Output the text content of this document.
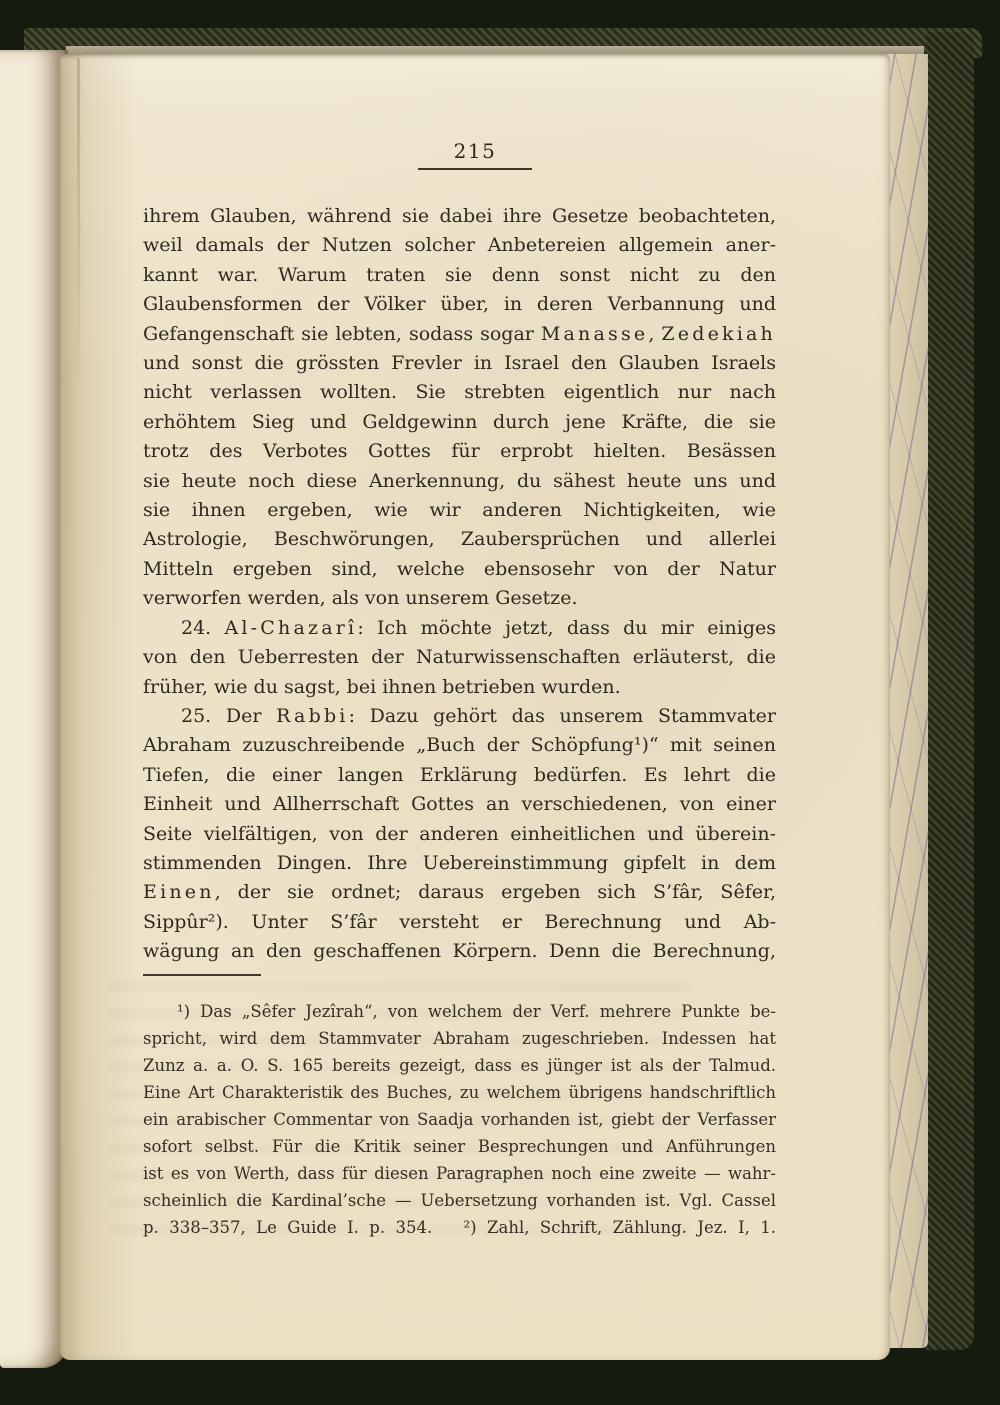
215
ihrem Glauben, während sie dabei ihre Gesetze beobachteten,
weil damals der Nutzen solcher Anbetereien allgemein aner-
kannt war. Warum traten sie denn sonst nicht zu den
Glaubensformen der Völker über, in deren Verbannung und
Gefangenschaft sie lebten, sodass sogar Manasse, Zedekiah
und sonst die grössten Frevler in Israel den Glauben Israels
nicht verlassen wollten. Sie strebten eigentlich nur nach
erhöhtem Sieg und Geldgewinn durch jene Kräfte, die sie
trotz des Verbotes Gottes für erprobt hielten. Besässen
sie heute noch diese Anerkennung, du sähest heute uns und
sie ihnen ergeben, wie wir anderen Nichtigkeiten, wie
Astrologie, Beschwörungen, Zaubersprüchen und allerlei
Mitteln ergeben sind, welche ebensosehr von der Natur
verworfen werden, als von unserem Gesetze.
24. Al-Chazarî: Ich möchte jetzt, dass du mir einiges
von den Ueberresten der Naturwissenschaften erläuterst, die
früher, wie du sagst, bei ihnen betrieben wurden.
25. Der Rabbi: Dazu gehört das unserem Stammvater
Abraham zuzuschreibende „Buch der Schöpfung¹)“ mit seinen
Tiefen, die einer langen Erklärung bedürfen. Es lehrt die
Einheit und Allherrschaft Gottes an verschiedenen, von einer
Seite vielfältigen, von der anderen einheitlichen und überein-
stimmenden Dingen. Ihre Uebereinstimmung gipfelt in dem
Einen, der sie ordnet; daraus ergeben sich S’fâr, Sêfer,
Sippûr²). Unter S’fâr versteht er Berechnung und Ab-
wägung an den geschaffenen Körpern. Denn die Berechnung,
¹) Das „Sêfer Jezîrah“, von welchem der Verf. mehrere Punkte be-
spricht, wird dem Stammvater Abraham zugeschrieben. Indessen hat
Zunz a. a. O. S. 165 bereits gezeigt, dass es jünger ist als der Talmud.
Eine Art Charakteristik des Buches, zu welchem übrigens handschriftlich
ein arabischer Commentar von Saadja vorhanden ist, giebt der Verfasser
sofort selbst. Für die Kritik seiner Besprechungen und Anführungen
ist es von Werth, dass für diesen Paragraphen noch eine zweite — wahr-
scheinlich die Kardinal’sche — Uebersetzung vorhanden ist. Vgl. Cassel
p. 338–357, Le Guide I. p. 354.   ²) Zahl, Schrift, Zählung. Jez. I, 1.
